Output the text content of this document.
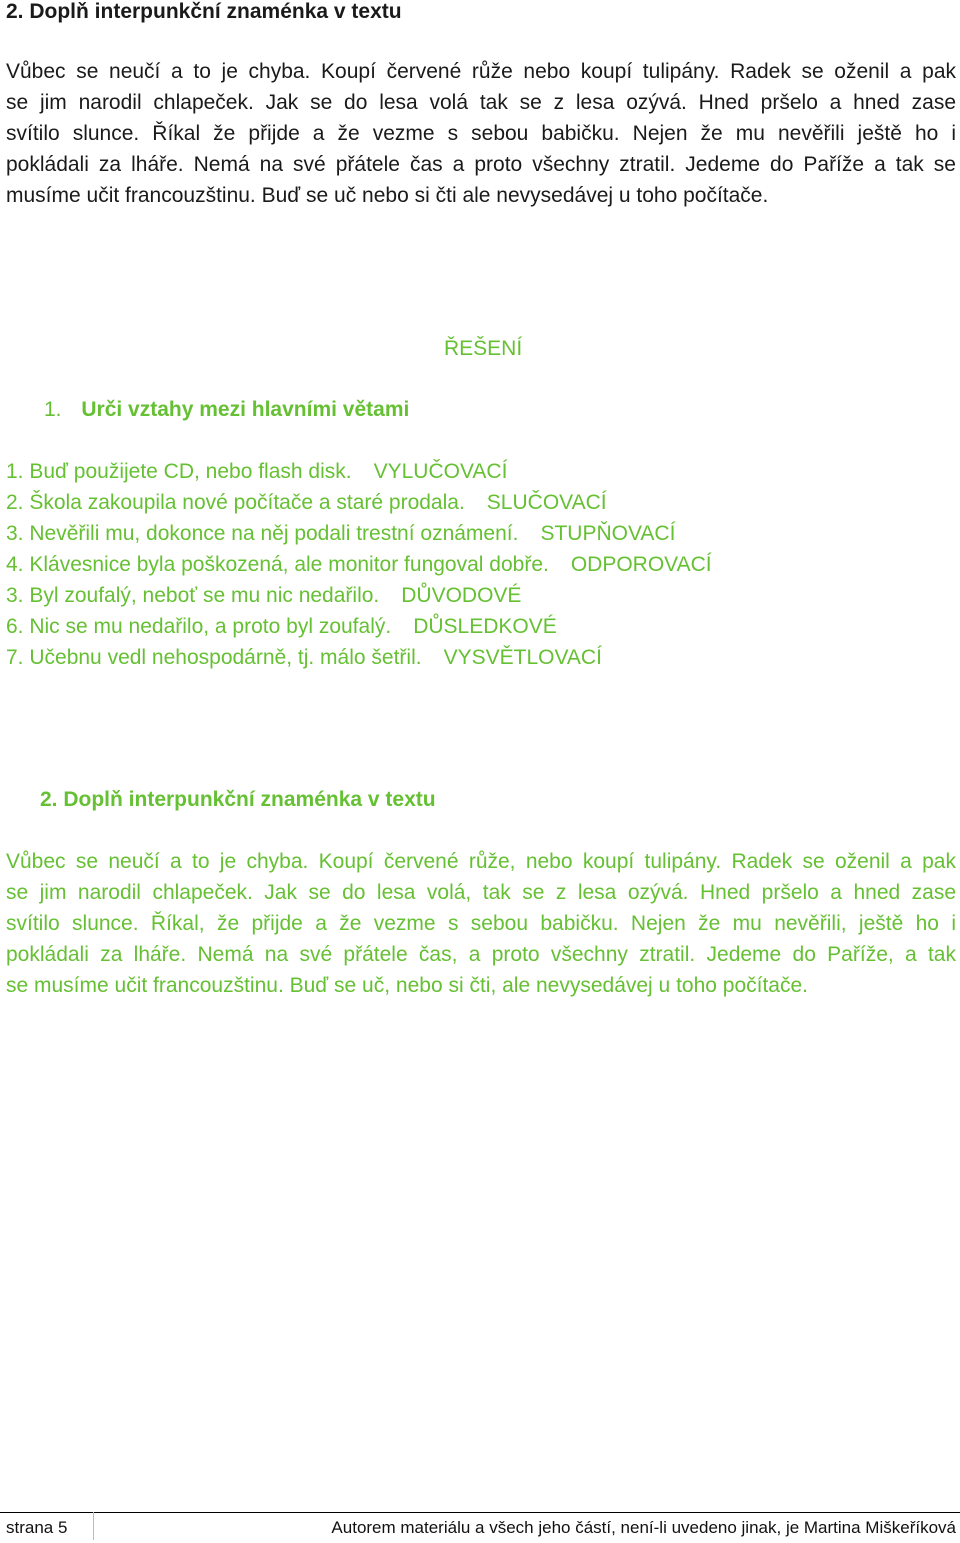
2. Doplň interpunkční znaménka v textu
Vůbec se neučí a to je chyba. Koupí červené růže nebo koupí tulipány. Radek se oženil a pak
se jim narodil chlapeček. Jak se do lesa volá tak se z lesa ozývá. Hned pršelo a hned zase
svítilo slunce. Říkal že přijde a že vezme s sebou babičku. Nejen že mu nevěřili ještě ho i
pokládali za lháře. Nemá na své přátele čas a proto všechny ztratil. Jedeme do Paříže a tak se
musíme učit francouzštinu. Buď se uč nebo si čti ale nevysedávej u toho počítače.
ŘEŠENÍ
1. Urči vztahy mezi hlavními větami
1. Buď použijete CD, nebo flash disk. VYLUČOVACÍ
2. Škola zakoupila nové počítače a staré prodala. SLUČOVACÍ
3. Nevěřili mu, dokonce na něj podali trestní oznámení. STUPŇOVACÍ
4. Klávesnice byla poškozená, ale monitor fungoval dobře. ODPOROVACÍ
3. Byl zoufalý, neboť se mu nic nedařilo. DŮVODOVÉ
6. Nic se mu nedařilo, a proto byl zoufalý. DŮSLEDKOVÉ
7. Učebnu vedl nehospodárně, tj. málo šetřil. VYSVĚTLOVACÍ
2. Doplň interpunkční znaménka v textu
Vůbec se neučí a to je chyba. Koupí červené růže, nebo koupí tulipány. Radek se oženil a pak
se jim narodil chlapeček. Jak se do lesa volá, tak se z lesa ozývá. Hned pršelo a hned zase
svítilo slunce. Říkal, že přijde a že vezme s sebou babičku. Nejen že mu nevěřili, ještě ho i
pokládali za lháře. Nemá na své přátele čas, a proto všechny ztratil. Jedeme do Paříže, a tak
se musíme učit francouzštinu. Buď se uč, nebo si čti, ale nevysedávej u toho počítače.
strana 5	Autorem materiálu a všech jeho částí, není-li uvedeno jinak, je Martina Miškeříková
